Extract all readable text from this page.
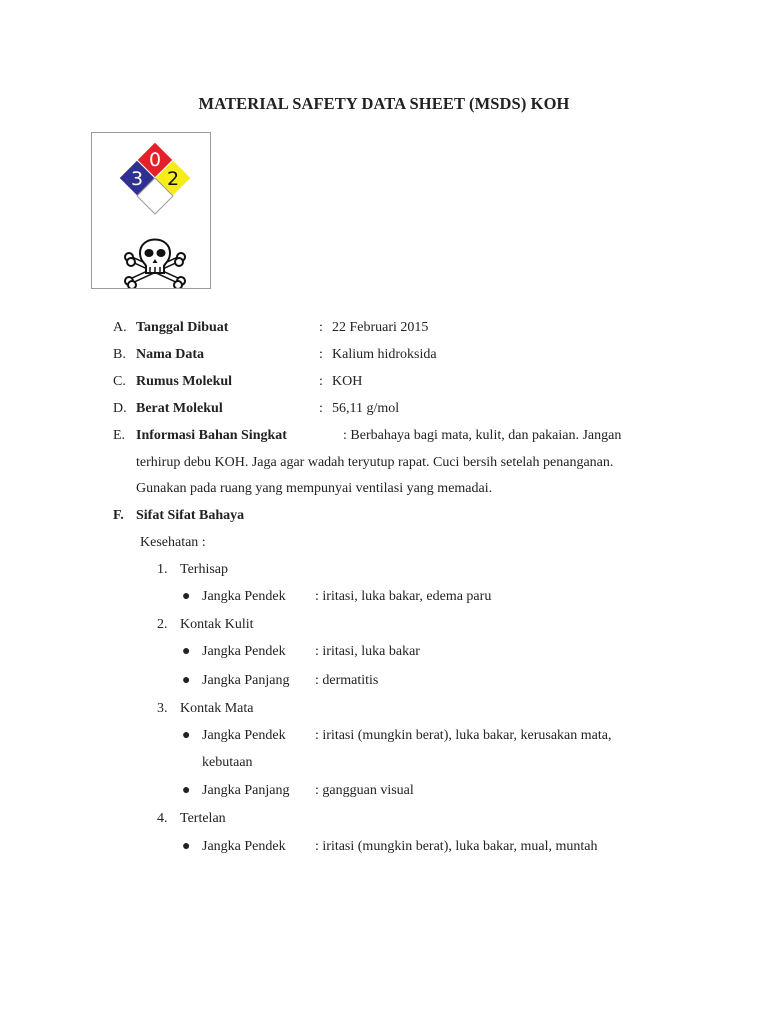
MATERIAL SAFETY DATA SHEET (MSDS) KOH
0
3 2
A. Tanggal Dibuat	: 22 Februari 2015
B. Nama Data	: Kalium hidroksida
C. Rumus Molekul	: KOH
D. Berat Molekul	: 56,11 g/mol
E. Informasi Bahan Singkat	: Berbahaya bagi mata, kulit, dan pakaian. Jangan
terhirup debu KOH. Jaga agar wadah teryutup rapat. Cuci bersih setelah penanganan.
Gunakan pada ruang yang mempunyai ventilasi yang memadai.
F. Sifat Sifat Bahaya
Kesehatan :
1. Terhisap
● Jangka Pendek : iritasi, luka bakar, edema paru
2. Kontak Kulit
● Jangka Pendek : iritasi, luka bakar
● Jangka Panjang : dermatitis
3. Kontak Mata
● Jangka Pendek : iritasi (mungkin berat), luka bakar, kerusakan mata,
kebutaan
● Jangka Panjang : gangguan visual
4. Tertelan
● Jangka Pendek : iritasi (mungkin berat), luka bakar, mual, muntah
